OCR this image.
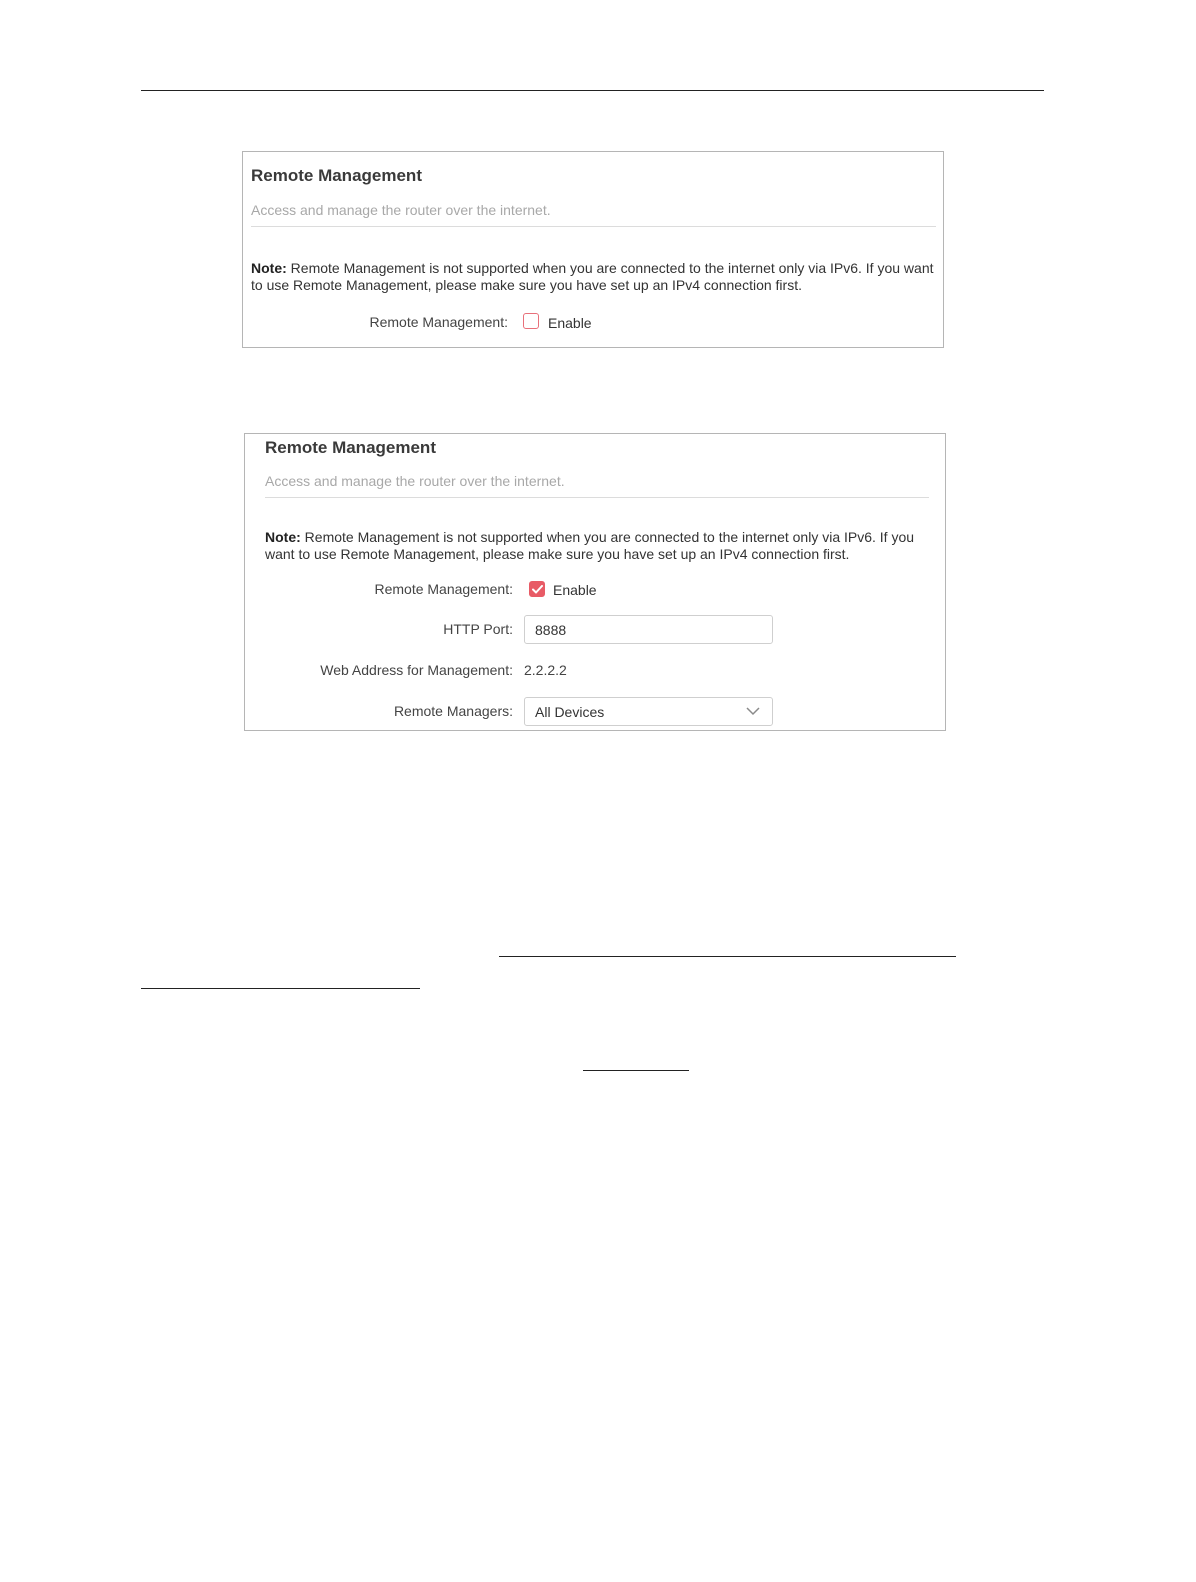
Remote Management
Access and manage the router over the internet.
Note: Remote Management is not supported when you are connected to the internet only via IPv6. If you want to use Remote Management, please make sure you have set up an IPv4 connection first.
Remote Management:	Enable
Remote Management
Access and manage the router over the internet.
Note: Remote Management is not supported when you are connected to the internet only via IPv6. If you want to use Remote Management, please make sure you have set up an IPv4 connection first.
Remote Management:	Enable
HTTP Port:
8888
Web Address for Management: 2.2.2.2
Remote Managers: All Devices
